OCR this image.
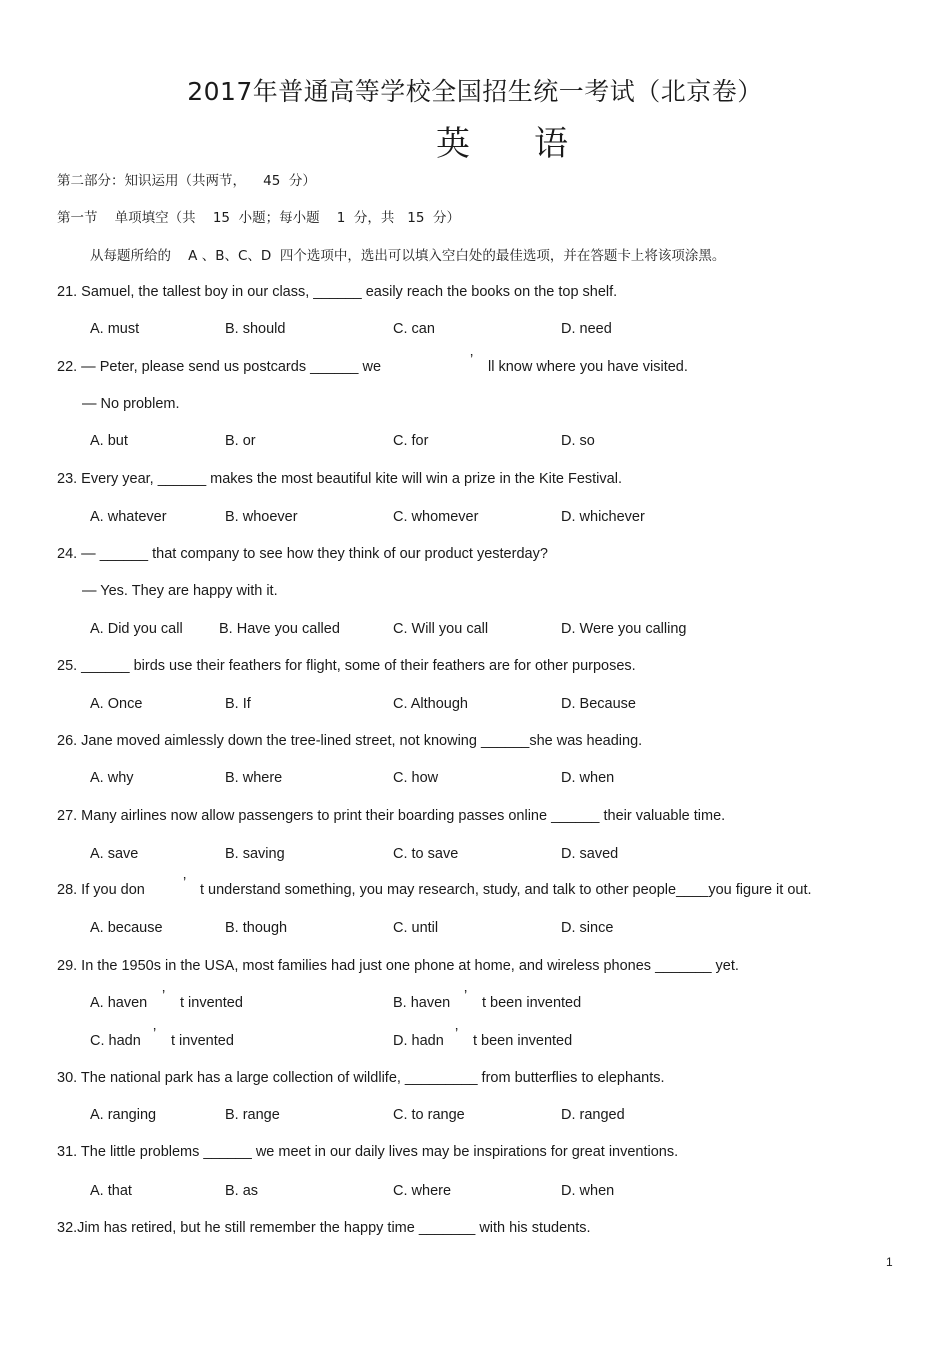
2017年普通高等学校全国招生统一考试（北京卷）
英 语
第二部分：知识运用（共两节，    45  分）
第一节    单项填空（共    15  小题；每小题    1  分，共   15  分）
从每题所给的    A 、B、C、D  四个选项中，选出可以填入空白处的最佳选项，并在答题卡上将该项涂黑。
21. Samuel, the tallest boy in our class, ______ easily reach the books on the top shelf.
A. must	B. should	C. can	D. need
22. — Peter, please send us postcards ______ we	’ ll know where you have visited.
— No problem.
A. but	B. or	C. for	D. so
23. Every year, ______ makes the most beautiful kite will win a prize in the Kite Festival.
A. whatever	B. whoever	C. whomever	D. whichever
24. — ______ that company to see how they think of our product yesterday?
— Yes. They are happy with it.
A. Did you call	B. Have you called	C. Will you call	D. Were you calling
25. ______ birds use their feathers for flight, some of their feathers are for other purposes.
A. Once	B. If	C. Although	D. Because
26. Jane moved aimlessly down the tree-lined street, not knowing ______she was heading.
A. why	B. where	C. how	D. when
27. Many airlines now allow passengers to print their boarding passes online ______ their valuable time.
A. save	B. saving	C. to save	D. saved
28. If you don	’ t understand something, you may research, study, and talk to other people____you figure it out.
A. because	B. though	C. until	D. since
29. In the 1950s in the USA, most families had just one phone at home, and wireless phones _______ yet.
A. haven ’ t invented	B. haven ’ t been invented
C. hadn ’ t invented	D. hadn ’ t been invented
30. The national park has a large collection of wildlife, _________ from butterflies to elephants.
A. ranging	B. range	C. to range	D. ranged
31. The little problems ______ we meet in our daily lives may be inspirations for great inventions.
A. that	B. as	C. where	D. when
32.Jim has retired, but he still remember the happy time _______ with his students.
1
